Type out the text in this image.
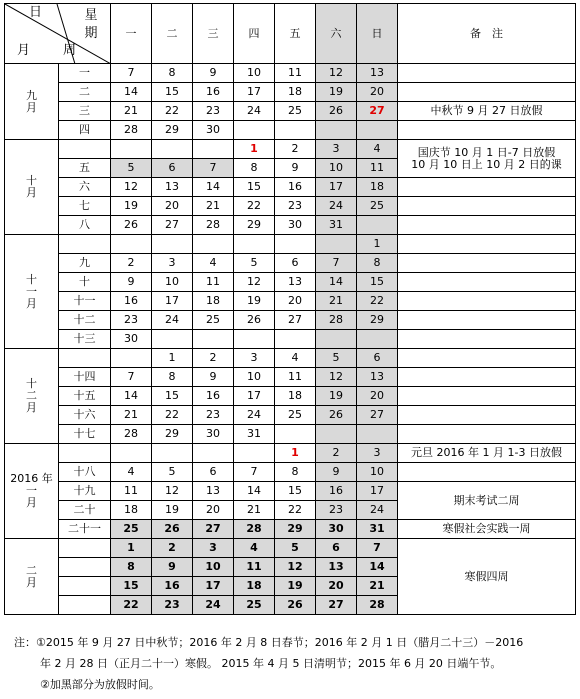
日 星期
月 周		一	二	三	四	五	六	日	备　注
九
月	一	7	8	9	10	11	12	13	
	二	14	15	16	17	18	19	20	
	三	21	22	23	24	25	26	27	中秋节 9 月 27 日放假
	四	28	29	30					
十
月					1	2	3	4	国庆节 10 月 1 日-7 日放假
10 月 10 日上 10 月 2 日的课
	五	5	6	7	8	9	10	11	
	六	12	13	14	15	16	17	18	
	七	19	20	21	22	23	24	25	
	八	26	27	28	29	30	31		
十
一
月								1	
	九	2	3	4	5	6	7	8	
	十	9	10	11	12	13	14	15	
	十一	16	17	18	19	20	21	22	
	十二	23	24	25	26	27	28	29	
	十三	30							
十
二
月			1	2	3	4	5	6	
	十四	7	8	9	10	11	12	13	
	十五	14	15	16	17	18	19	20	
	十六	21	22	23	24	25	26	27	
	十七	28	29	30	31				
2016 年
一
月						1	2	3	元旦 2016 年 1 月 1-3 日放假
	十八	4	5	6	7	8	9	10	
	十九	11	12	13	14	15	16	17	期末考试二周
	二十	18	19	20	21	22	23	24	
	二十一	25	26	27	28	29	30	31	寒假社会实践一周
二
月		1	2	3	4	5	6	7	寒假四周
		8	9	10	11	12	13	14	
		15	16	17	18	19	20	21	
		22	23	24	25	26	27	28	
注：①2015 年 9 月 27 日中秋节；2016 年 2 月 8 日春节；2016 年 2 月 1 日（腊月二十三）－2016
年 2 月 28 日（正月二十一）寒假。 2015 年 4 月 5 日清明节；2015 年 6 月 20 日端午节。
②加黑部分为放假时间。
